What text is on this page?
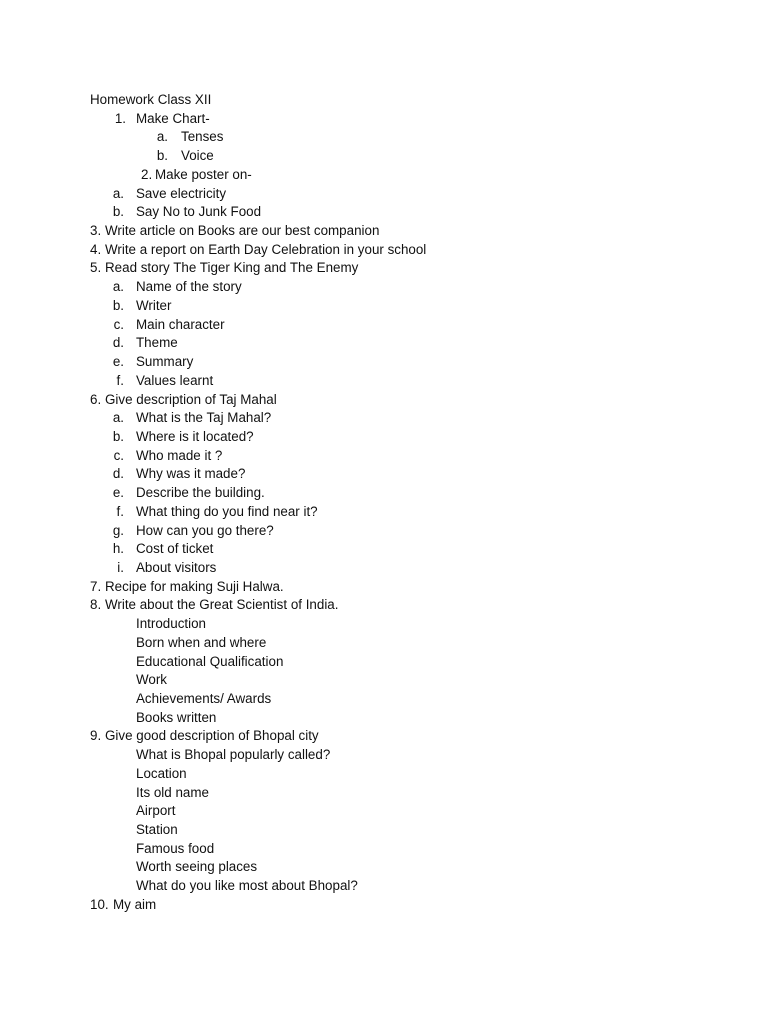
Homework Class XII
1. Make Chart-
a. Tenses
b. Voice
2. Make poster on-
a. Save electricity
b. Say No to Junk Food
3. Write article on Books are our best companion
4. Write a report on Earth Day Celebration in your school
5. Read story The Tiger King and The Enemy
a. Name of the story
b. Writer
c. Main character
d. Theme
e. Summary
f. Values learnt
6. Give description of Taj Mahal
a. What is the Taj Mahal?
b. Where is it located?
c. Who made it ?
d. Why was it made?
e. Describe the building.
f. What thing do you find near it?
g. How can you go there?
h. Cost of ticket
i. About visitors
7. Recipe for making Suji Halwa.
8. Write about the Great Scientist of India.
Introduction
Born when and where
Educational Qualification
Work
Achievements/ Awards
Books written
9. Give good description of Bhopal city
What is Bhopal popularly called?
Location
Its old name
Airport
Station
Famous food
Worth seeing places
What do you like most about Bhopal?
10. My aim
